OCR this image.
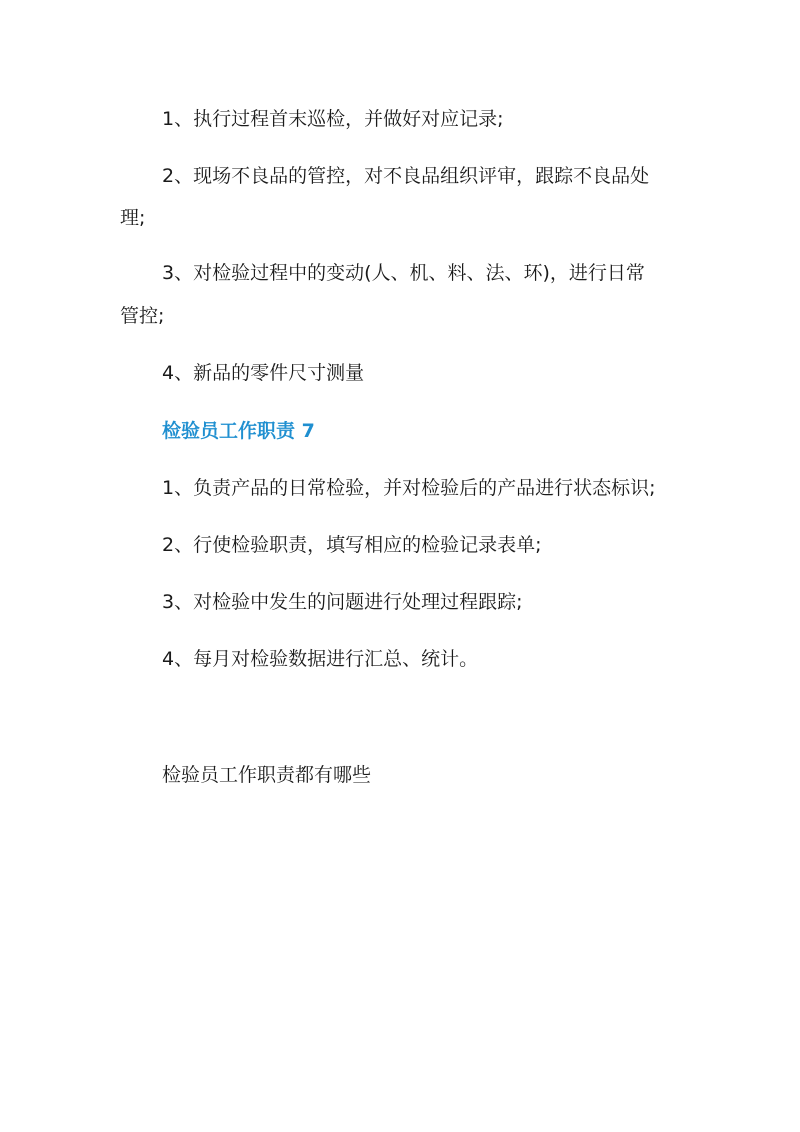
1、执行过程首末巡检，并做好对应记录;
2、现场不良品的管控，对不良品组织评审，跟踪不良品处
理;
3、对检验过程中的变动(人、机、料、法、环)，进行日常
管控;
4、新品的零件尺寸测量
检验员工作职责 7
1、负责产品的日常检验，并对检验后的产品进行状态标识;
2、行使检验职责，填写相应的检验记录表单;
3、对检验中发生的问题进行处理过程跟踪;
4、每月对检验数据进行汇总、统计。
检验员工作职责都有哪些
